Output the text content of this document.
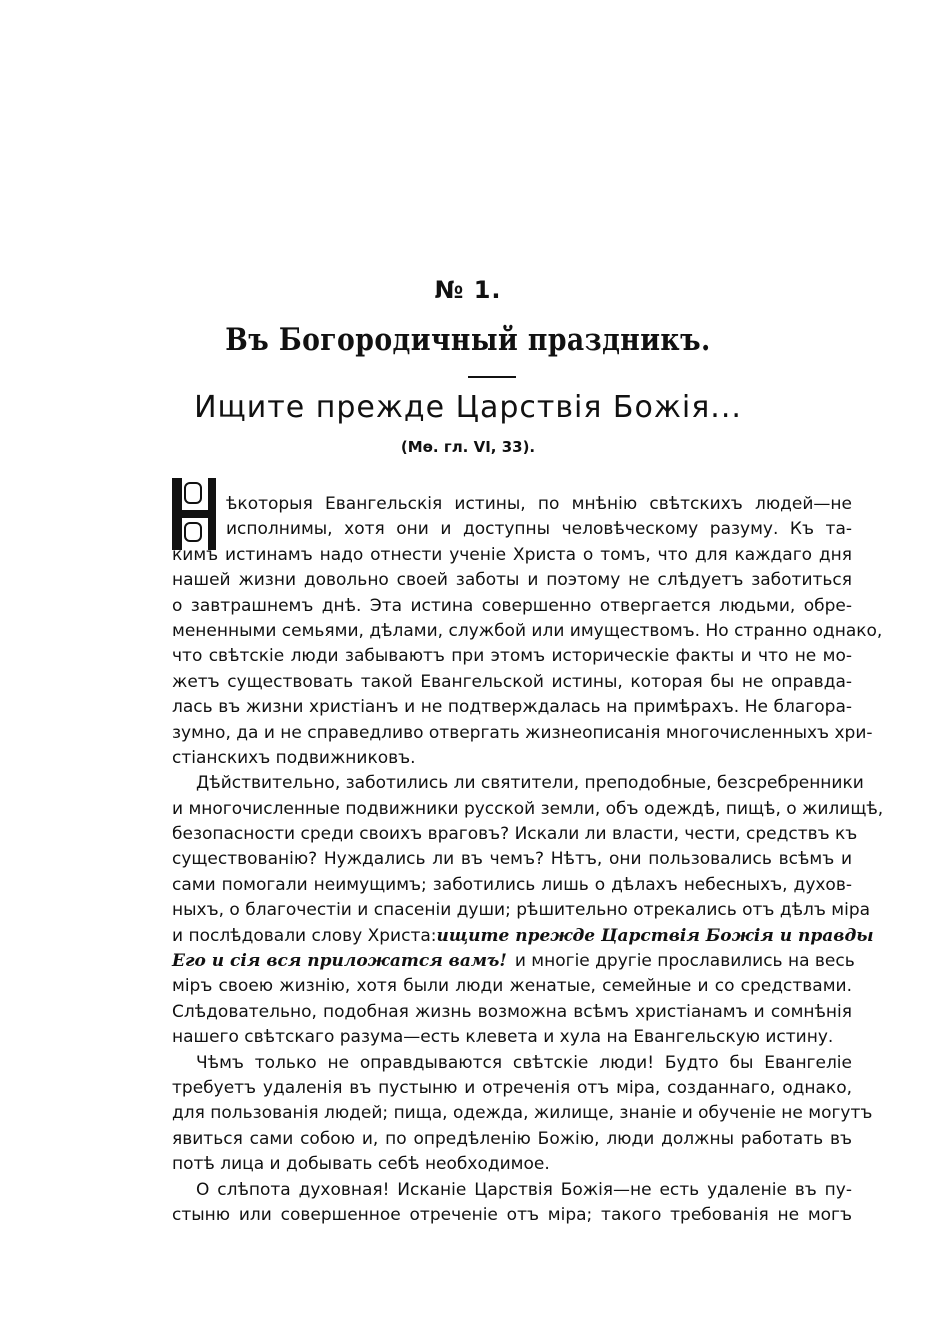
№ 1.
Въ Богородичный праздникъ.
Ищите прежде Царствія Божія...
(Мѳ. гл. VI, 33).
ѣкоторыя Евангельскія истины, по мнѣнію свѣтскихъ людей—не
исполнимы, хотя они и доступны человѣческому разуму. Къ та-
кимъ истинамъ надо отнести ученіе Христа о томъ, что для каждаго дня
нашей жизни довольно своей заботы и поэтому не слѣдуетъ заботиться
о завтрашнемъ днѣ. Эта истина совершенно отвергается людьми, обре-
мененными семьями, дѣлами, службой или имуществомъ. Но странно однако,
что свѣтскіе люди забываютъ при этомъ историческіе факты и что не мо-
жетъ существовать такой Евангельской истины, которая бы не оправда-
лась въ жизни христіанъ и не подтверждалась на примѣрахъ. Не благора-
зумно, да и не справедливо отвергать жизнеописанія многочисленныхъ хри-
стіанскихъ подвижниковъ.
Дѣйствительно, заботились ли святители, преподобные, безсребренники
и многочисленные подвижники русской земли, объ одеждѣ, пищѣ, о жилищѣ,
безопасности среди своихъ враговъ? Искали ли власти, чести, средствъ къ
существованію? Нуждались ли въ чемъ? Нѣтъ, они пользовались всѣмъ и
сами помогали неимущимъ; заботились лишь о дѣлахъ небесныхъ, духов-
ныхъ, о благочестіи и спасеніи души; рѣшительно отрекались отъ дѣлъ міра
и послѣдовали слову Христа: ищите прежде Царствія Божія и правды
Его и сія вся приложатся вамъ! и многіе другіе прославились на весь
міръ своею жизнію, хотя были люди женатые, семейные и со средствами.
Слѣдовательно, подобная жизнь возможна всѣмъ христіанамъ и сомнѣнія
нашего свѣтскаго разума—есть клевета и хула на Евангельскую истину.
Чѣмъ только не оправдываются свѣтскіе люди! Будто бы Евангеліе
требуетъ удаленія въ пустыню и отреченія отъ міра, созданнаго, однако,
для пользованія людей; пища, одежда, жилище, знаніе и обученіе не могутъ
явиться сами собою и, по опредѣленію Божію, люди должны работать въ
потѣ лица и добывать себѣ необходимое.
О слѣпота духовная! Исканіе Царствія Божія—не есть удаленіе въ пу-
стыню или совершенное отреченіе отъ міра; такого требованія не могъ
